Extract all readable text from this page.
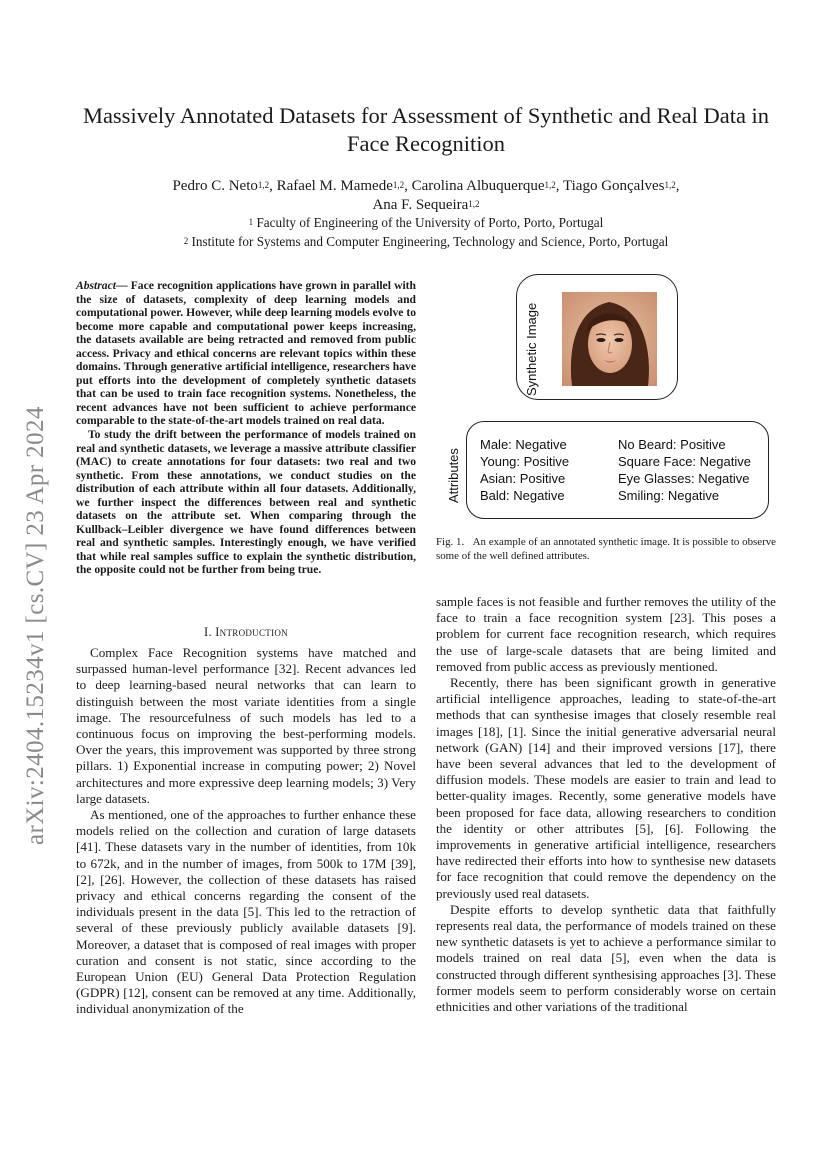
arXiv:2404.15234v1 [cs.CV] 23 Apr 2024
Massively Annotated Datasets for Assessment of Synthetic and Real Data in Face Recognition
Pedro C. Neto$^{1,2}$, Rafael M. Mamede$^{1,2}$, Carolina Albuquerque$^{1,2}$, Tiago Gonçalves$^{1,2}$,
Ana F. Sequeira$^{1,2}$
$^1$ Faculty of Engineering of the University of Porto, Porto, Portugal
$^2$ Institute for Systems and Computer Engineering, Technology and Science, Porto, Portugal

Abstract— Face recognition applications have grown in parallel with the size of datasets, complexity of deep learning models and computational power. However, while deep learning models evolve to become more capable and computational power keeps increasing, the datasets available are being retracted and removed from public access. Privacy and ethical concerns are relevant topics within these domains. Through generative artificial intelligence, researchers have put efforts into the development of completely synthetic datasets that can be used to train face recognition systems. Nonetheless, the recent advances have not been sufficient to achieve performance comparable to the state-of-the-art models trained on real data.

To study the drift between the performance of models trained on real and synthetic datasets, we leverage a massive attribute classifier (MAC) to create annotations for four datasets: two real and two synthetic. From these annotations, we conduct studies on the distribution of each attribute within all four datasets. Additionally, we further inspect the differences between real and synthetic datasets on the attribute set. When comparing through the Kullback–Leibler divergence we have found differences between real and synthetic samples. Interestingly enough, we have verified that while real samples suffice to explain the synthetic distribution, the opposite could not be further from being true.

I. Introduction

Complex Face Recognition systems have matched and surpassed human-level performance [32]. Recent advances led to deep learning-based neural networks that can learn to distinguish between the most variate identities from a single image. The resourcefulness of such models has led to a continuous focus on improving the best-performing models. Over the years, this improvement was supported by three strong pillars. 1) Exponential increase in computing power; 2) Novel architectures and more expressive deep learning models; 3) Very large datasets.

As mentioned, one of the approaches to further enhance these models relied on the collection and curation of large datasets [41]. These datasets vary in the number of identities, from 10k to 672k, and in the number of images, from 500k to 17M [39], [2], [26]. However, the collection of these datasets has raised privacy and ethical concerns regarding the consent of the individuals present in the data [5]. This led to the retraction of several of these previously publicly available datasets [9]. Moreover, a dataset that is composed of real images with proper curation and consent is not static, since according to the European Union (EU) General Data Protection Regulation (GDPR) [12], consent can be removed at any time. Additionally, individual anonymization of the

Synthetic Image
Attributes
Male: Negative
Young: Positive
Asian: Positive
Bald: Negative
No Beard: Positive
Square Face: Negative
Eye Glasses: Negative
Smiling: Negative
Fig. 1. An example of an annotated synthetic image. It is possible to observe some of the well defined attributes.

sample faces is not feasible and further removes the utility of the face to train a face recognition system [23]. This poses a problem for current face recognition research, which requires the use of large-scale datasets that are being limited and removed from public access as previously mentioned.

Recently, there has been significant growth in generative artificial intelligence approaches, leading to state-of-the-art methods that can synthesise images that closely resemble real images [18], [1]. Since the initial generative adversarial neural network (GAN) [14] and their improved versions [17], there have been several advances that led to the development of diffusion models. These models are easier to train and lead to better-quality images. Recently, some generative models have been proposed for face data, allowing researchers to condition the identity or other attributes [5], [6]. Following the improvements in generative artificial intelligence, researchers have redirected their efforts into how to synthesise new datasets for face recognition that could remove the dependency on the previously used real datasets.

Despite efforts to develop synthetic data that faithfully represents real data, the performance of models trained on these new synthetic datasets is yet to achieve a performance similar to models trained on real data [5], even when the data is constructed through different synthesising approaches [3]. These former models seem to perform considerably worse on certain ethnicities and other variations of the traditional
